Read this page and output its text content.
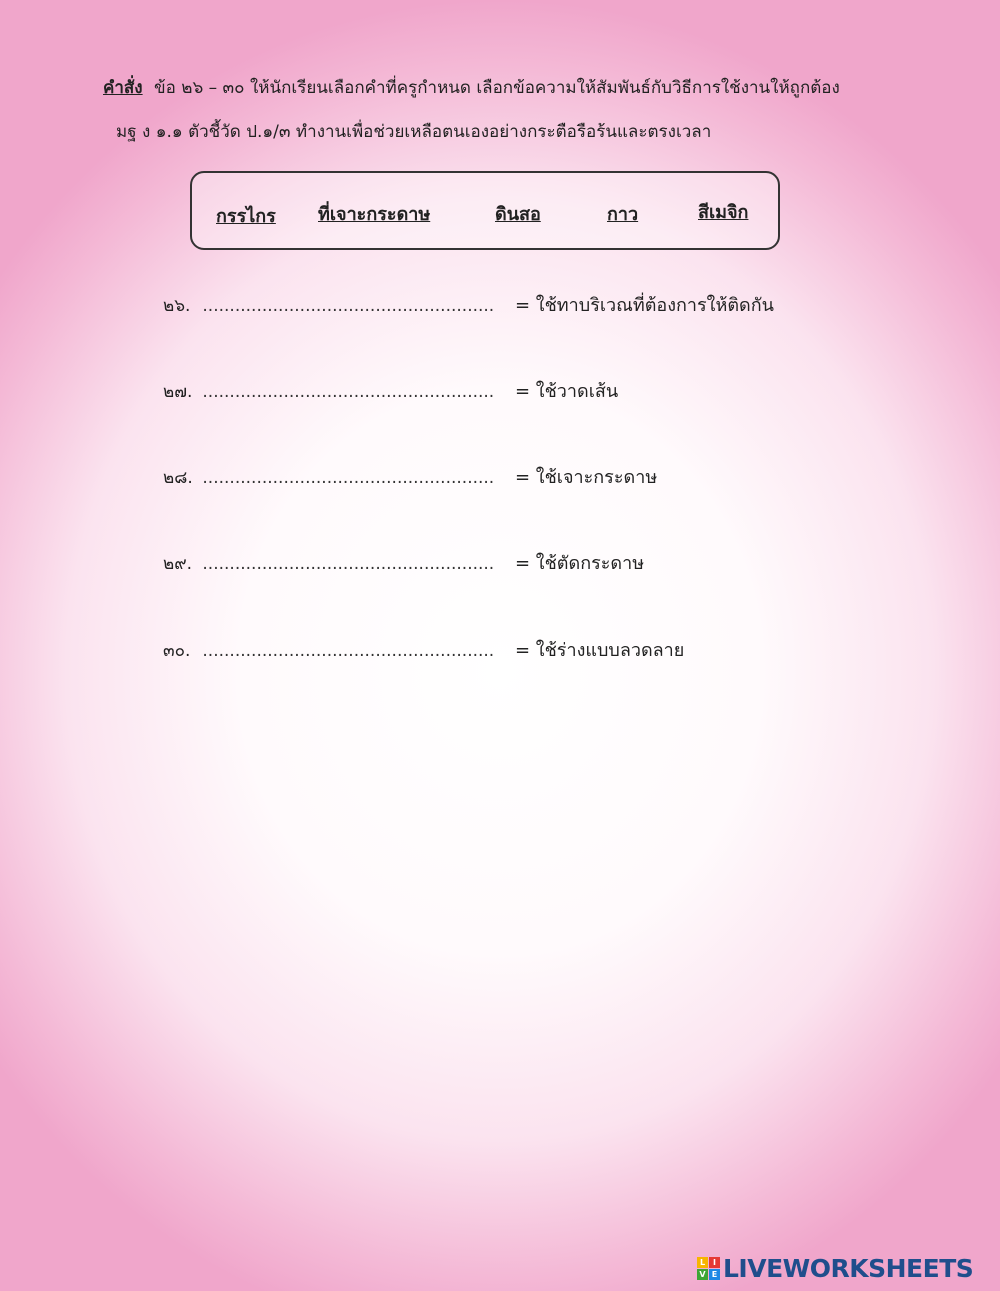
คำสั่ง ข้อ ๒๖ – ๓๐ ให้นักเรียนเลือกคำที่ครูกำหนด เลือกข้อความให้สัมพันธ์กับวิธีการใช้งานให้ถูกต้อง
มฐ ง ๑.๑ ตัวชี้วัด ป.๑/๓ ทำงานเพื่อช่วยเหลือตนเองอย่างกระตือรือร้นและตรงเวลา
กรรไกร ที่เจาะกระดาษ	ดินสอ	กาว	สีเมจิก
๒๖. ...................................................... = ใช้ทาบริเวณที่ต้องการให้ติดกัน
๒๗. ...................................................... = ใช้วาดเส้น
๒๘. ...................................................... = ใช้เจาะกระดาษ
๒๙. ...................................................... = ใช้ตัดกระดาษ
๓๐. ...................................................... = ใช้ร่างแบบลวดลาย
L I
V E LIVEWORKSHEETS
